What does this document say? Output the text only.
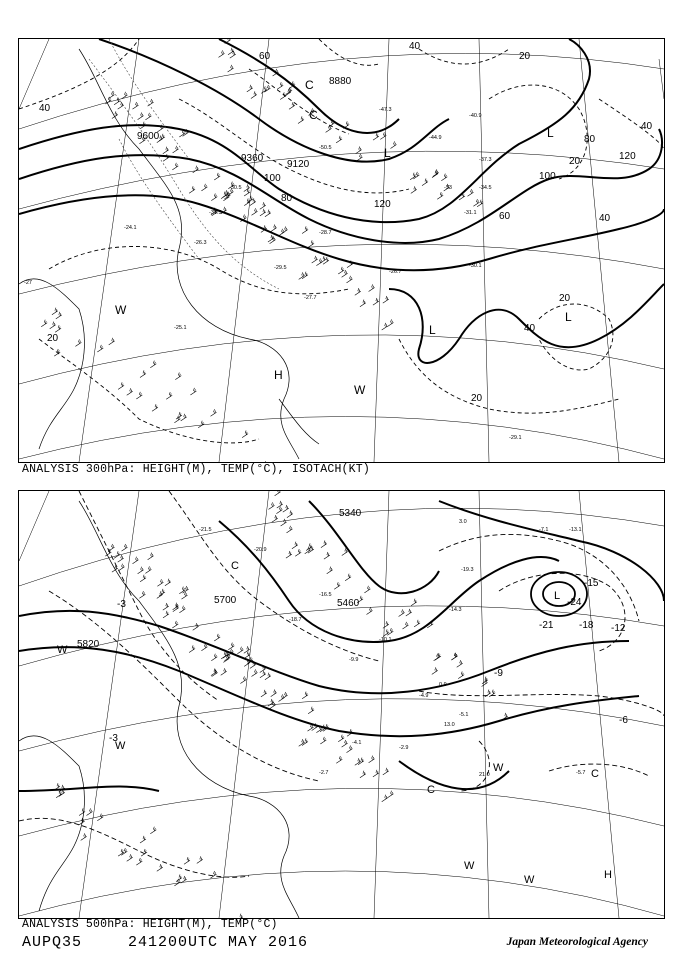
9600
9360
9120
8880
40
60
80
100
120
20
40
60
80
100
120
40
20
40
20
20
40
20
L
L
L
L
H
W
W
C
C
-33
-31.5
-29.5
-27.7
-26.7
-30.1
-34.5
-37.3
-40.9
-44.9
-47.3
-50.5
-25.1
-27
-29.1
-31.1
-24.1
-26.3
-28.7
-30.5
ANALYSIS 300hPa: HEIGHT(M), TEMP(°C), ISOTACH(KT)
5700
5820
5460
5340
-3
-9
-12
-15
-18
-21
-24
-6
-3
L
C
C
C
W
W
W
W
W
H
-19.3
-14.3
-10.1
-9.9
-5.1
-4.9
-2.9
-4.1
-2.7
-7.1
-5.7
-13.1
-21.5
-20.9
-18.7
-16.5
0.9
3.0
13.0
21.0
ANALYSIS 500hPa: HEIGHT(M), TEMP(°C)
AUPQ35	241200UTC MAY 2016	Japan Meteorological Agency
